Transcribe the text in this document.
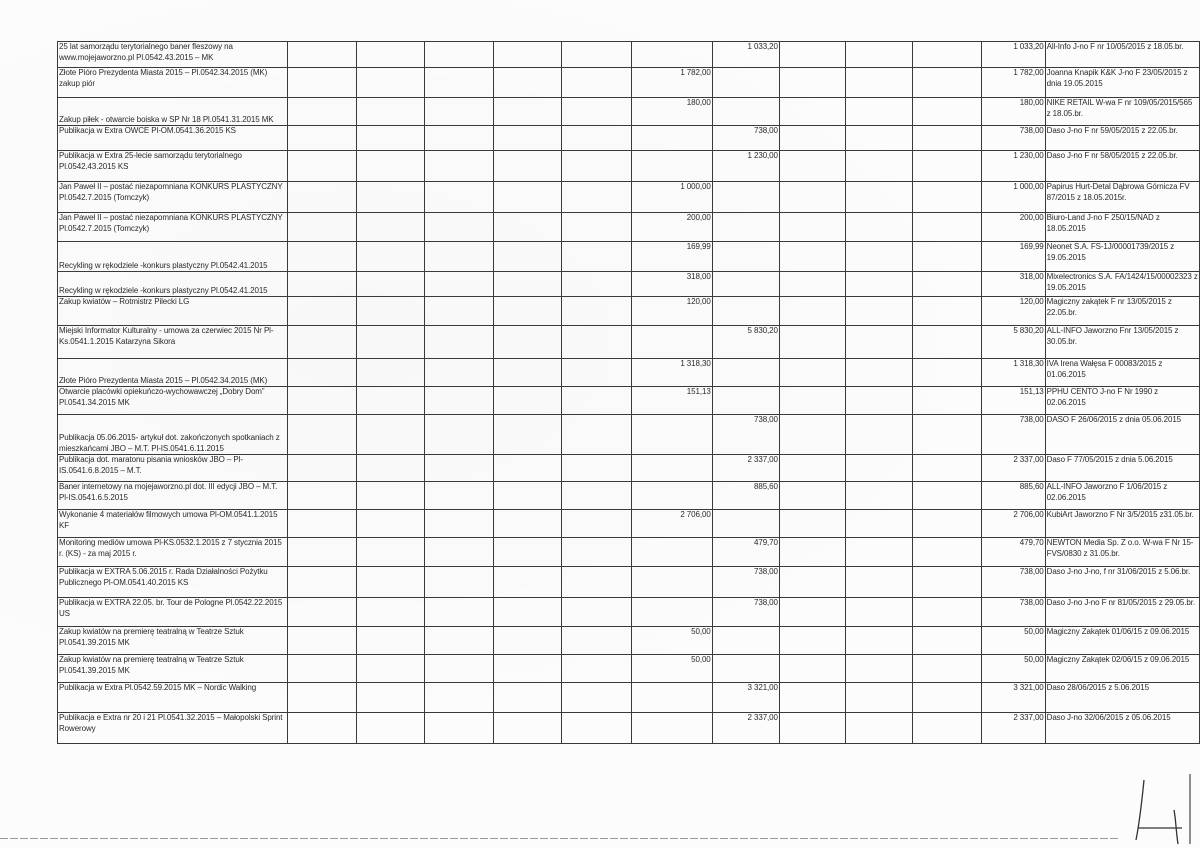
25 lat samorządu terytorialnego baner fleszowy na www.mojejaworzno.pl Pl.0542.43.2015 – MK							1 033,20				1 033,20	All-Info J-no F nr 10/05/2015 z 18.05.br.

Złote Pióro Prezydenta Miasta 2015 – Pl.0542.34.2015 (MK) zakup piór						1 782,00					1 782,00	Joanna Knapik K&K J-no F 23/05/2015 z dnia 19.05.2015

Zakup piłek - otwarcie boiska w SP Nr 18 Pl.0541.31.2015 MK						180,00					180,00	NIKE RETAIL W-wa F nr 109/05/2015/565 z 18.05.br.

Publikacja w Extra OWCE Pl-OM.0541.36.2015 KS							738,00				738,00	Daso J-no F nr 59/05/2015 z 22.05.br.

Publikacja w Extra 25-lecie samorządu terytorialnego Pl.0542.43.2015 KS							1 230,00				1 230,00	Daso J-no F nr 58/05/2015 z 22.05.br.

Jan Paweł II – postać niezapomniana KONKURS PLASTYCZNY Pl.0542.7.2015 (Tomczyk)						1 000,00					1 000,00	Papirus Hurt-Detal Dąbrowa Górnicza FV 87/2015 z 18.05.2015r.

Jan Paweł II – postać niezapomniana KONKURS PLASTYCZNY Pl.0542.7.2015 (Tomczyk)						200,00					200,00	Biuro-Land J-no F 250/15/NAD z 18.05.2015

Recykling w rękodziele -konkurs plastyczny Pl.0542.41.2015						169,99					169,99	Neonet S.A. FS-1J/00001739/2015 z 19.05.2015

Recykling w rękodziele -konkurs plastyczny Pl.0542.41.2015						318,00					318,00	Mixelectronics S.A. FA/1424/15/00002323 z 19.05.2015

Zakup kwiatów – Rotmistrz Pilecki LG						120,00					120,00	Magiczny zakątek F nr 13/05/2015 z 22.05.br.

Miejski Informator Kulturalny - umowa za czerwiec 2015 Nr Pl-Ks.0541.1.2015 Katarzyna Sikora							5 830,20				5 830,20	ALL-INFO Jaworzno Fnr 13/05/2015 z 30.05.br.

Złote Pióro Prezydenta Miasta 2015 – Pl.0542.34.2015 (MK)						1 318,30					1 318,30	IVA Irena Wałęsa F 00083/2015 z 01.06.2015

Otwarcie placówki opiekuńczo-wychowawczej „Dobry Dom” Pl.0541.34.2015 MK						151,13					151,13	PPHU CENTO J-no F Nr 1990 z 02.06.2015

Publikacja 05.06.2015- artykuł dot. zakończonych spotkaniach z mieszkańcami JBO – M.T. Pl-IS.0541.6.11.2015							738,00				738,00	DASO F 26/06/2015 z dnia 05.06.2015

Publikacja dot. maratonu pisania wniosków JBO – Pl-IS.0541.6.8.2015 – M.T.							2 337,00				2 337,00	Daso F 77/05/2015 z dnia 5.06.2015

Baner internetowy na mojejaworzno.pl dot. III edycji JBO – M.T. Pl-IS.0541.6.5.2015							885,60				885,60	ALL-INFO Jaworzno F 1/06/2015 z 02.06.2015

Wykonanie 4 materiałów filmowych umowa Pl-OM.0541.1.2015 KF						2 706,00					2 706,00	KubiArt Jaworzno F Nr 3/5/2015 z31.05.br.

Monitoring mediów umowa Pl-KS.0532.1.2015 z 7 stycznia 2015 r. (KS) - za maj 2015 r.							479,70				479,70	NEWTON Media Sp. Z o.o. W-wa F Nr 15-FVS/0830 z 31.05.br.

Publikacja w EXTRA 5.06.2015 r. Rada Działalności Pożytku Publicznego Pl-OM.0541.40.2015 KS							738,00				738,00	Daso J-no J-no, f nr 31/06/2015 z 5.06.br.

Publikacja w EXTRA 22.05. br. Tour de Pologne Pl.0542.22.2015 US							738,00				738,00	Daso J-no J-no F nr 81/05/2015 z 29.05.br.

Zakup kwiatów na premierę teatralną w Teatrze Sztuk Pl.0541.39.2015 MK						50,00					50,00	Magiczny Zakątek 01/06/15 z 09.06.2015

Zakup kwiatów na premierę teatralną w Teatrze Sztuk Pl.0541.39.2015 MK						50,00					50,00	Magiczny Zakątek 02/06/15 z 09.06.2015

Publikacja w Extra Pl.0542.59.2015 MK – Nordic Walking							3 321,00				3 321,00	Daso 28/06/2015 z 5.06.2015

Publikacja e Extra nr 20 i 21 Pl.0541.32.2015 – Małopolski Sprint Rowerowy							2 337,00				2 337,00	Daso J-no 32/06/2015 z 05.06.2015
